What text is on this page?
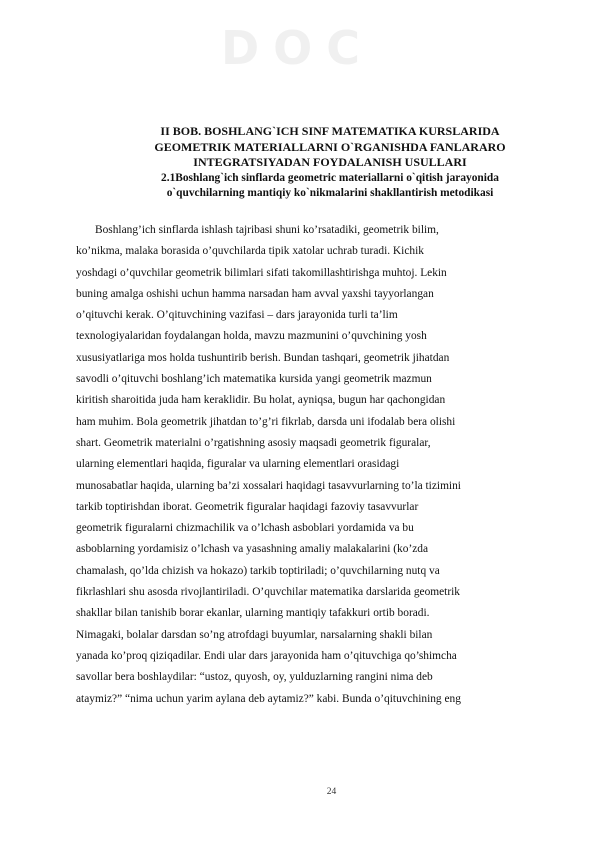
DOC
II BOB. BOSHLANG`ICH SINF MATEMATIKA KURSLARIDA
GEOMETRIK MATERIALLARNI O`RGANISHDA FANLARARO
INTEGRATSIYADAN FOYDALANISH USULLARI
2.1Boshlang`ich sinflarda geometric materiallarni o`qitish jarayonida
o`quvchilarning mantiqiy ko`nikmalarini shakllantirish metodikasi
Boshlang’ich sinflarda ishlash tajribasi shuni ko’rsatadiki, geometrik bilim,
ko’nikma, malaka borasida o’quvchilarda tipik xatolar uchrab turadi. Kichik
yoshdagi o’quvchilar geometrik bilimlari sifati takomillashtirishga muhtoj. Lekin
buning amalga oshishi uchun hamma narsadan ham avval yaxshi tayyorlangan
o’qituvchi kerak. O’qituvchining vazifasi – dars jarayonida turli ta’lim
texnologiyalaridan foydalangan holda, mavzu mazmunini o’quvchining yosh
xususiyatlariga mos holda tushuntirib berish. Bundan tashqari, geometrik jihatdan
savodli o’qituvchi boshlang’ich matematika kursida yangi geometrik mazmun
kiritish sharoitida juda ham keraklidir. Bu holat, ayniqsa, bugun har qachongidan
ham muhim. Bola geometrik jihatdan to’g’ri fikrlab, darsda uni ifodalab bera olishi
shart. Geometrik materialni o’rgatishning asosiy maqsadi geometrik figuralar,
ularning elementlari haqida, figuralar va ularning elementlari orasidagi
munosabatlar haqida, ularning ba’zi xossalari haqidagi tasavvurlarning to’la tizimini
tarkib toptirishdan iborat. Geometrik figuralar haqidagi fazoviy tasavvurlar
geometrik figuralarni chizmachilik va o’lchash asboblari yordamida va bu
asboblarning yordamisiz o’lchash va yasashning amaliy malakalarini (ko’zda
chamalash, qo’lda chizish va hokazo) tarkib toptiriladi; o’quvchilarning nutq va
fikrlashlari shu asosda rivojlantiriladi. O’quvchilar matematika darslarida geometrik
shakllar bilan tanishib borar ekanlar, ularning mantiqiy tafakkuri ortib boradi.
Nimagaki, bolalar darsdan so’ng atrofdagi buyumlar, narsalarning shakli bilan
yanada ko’proq qiziqadilar. Endi ular dars jarayonida ham o’qituvchiga qo’shimcha
savollar bera boshlaydilar: “ustoz, quyosh, oy, yulduzlarning rangini nima deb
ataymiz?” “nima uchun yarim aylana deb aytamiz?” kabi. Bunda o’qituvchining eng
24
